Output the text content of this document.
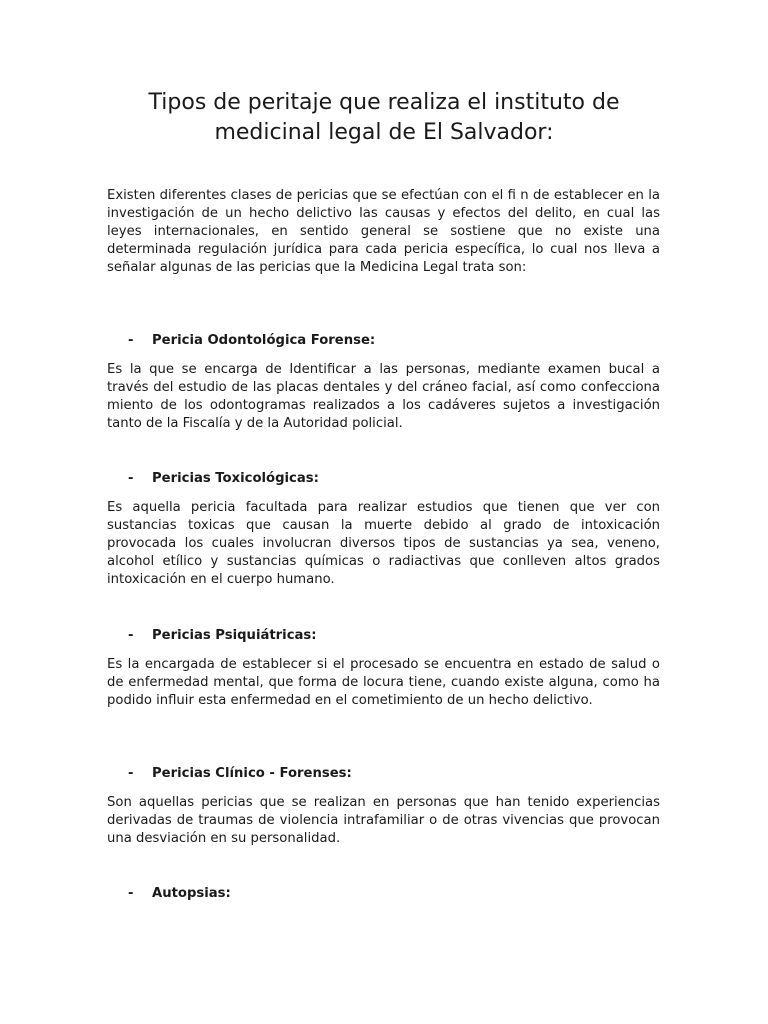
Tipos de peritaje que realiza el instituto de
medicinal legal de El Salvador:

Existen diferentes clases de pericias que se efectúan con el fi n de establecer en la investigación de un hecho delictivo las causas y efectos del delito, en cual las leyes internacionales, en sentido general se sostiene que no existe una determinada regulación jurídica para cada pericia específica, lo cual nos lleva a señalar algunas de las pericias que la Medicina Legal trata son:

- Pericia Odontológica Forense:

Es la que se encarga de Identificar a las personas, mediante examen bucal a través del estudio de las placas dentales y del cráneo facial, así como confecciona miento de los odontogramas realizados a los cadáveres sujetos a investigación tanto de la Fiscalía y de la Autoridad policial.

- Pericias Toxicológicas:

Es aquella pericia facultada para realizar estudios que tienen que ver con sustancias toxicas que causan la muerte debido al grado de intoxicación provocada los cuales involucran diversos tipos de sustancias ya sea, veneno, alcohol etílico y sustancias químicas o radiactivas que conlleven altos grados intoxicación en el cuerpo humano.

- Pericias Psiquiátricas:

Es la encargada de establecer si el procesado se encuentra en estado de salud o de enfermedad mental, que forma de locura tiene, cuando existe alguna, como ha podido influir esta enfermedad en el cometimiento de un hecho delictivo.

- Pericias Clínico - Forenses:

Son aquellas pericias que se realizan en personas que han tenido experiencias derivadas de traumas de violencia intrafamiliar o de otras vivencias que provocan una desviación en su personalidad.

- Autopsias:
